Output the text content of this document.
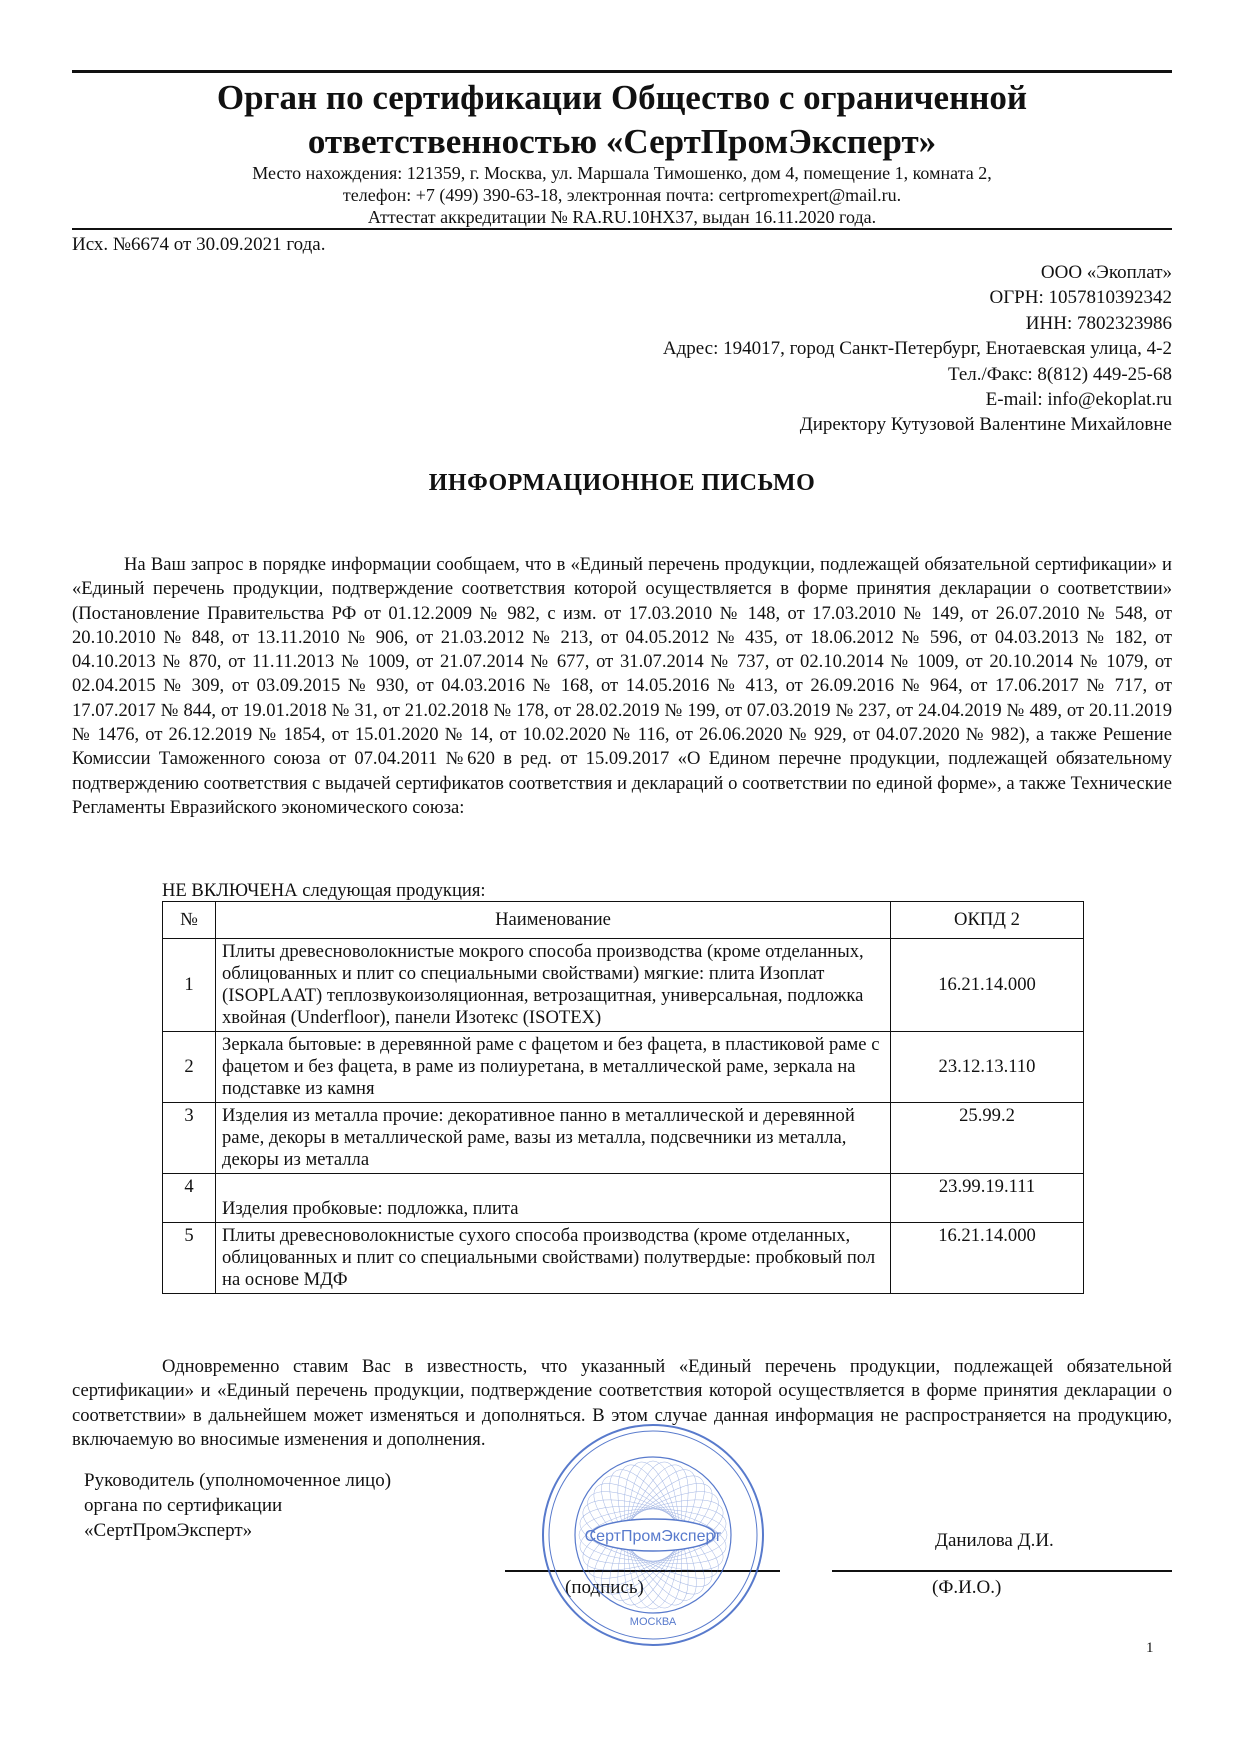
Орган по сертификации Общество с ограниченной
ответственностью «СертПромЭксперт»
Место нахождения: 121359, г. Москва, ул. Маршала Тимошенко, дом 4, помещение 1, комната 2,
телефон: +7 (499) 390-63-18, электронная почта: certpromexpert@mail.ru.
Аттестат аккредитации № RA.RU.10НХ37, выдан 16.11.2020 года.
Исх. №6674 от 30.09.2021 года.
ООО «Экоплат»
ОГРН: 1057810392342
ИНН: 7802323986
Адрес: 194017, город Санкт-Петербург, Енотаевская улица, 4-2
Тел./Факс: 8(812) 449-25-68
E-mail: info@ekoplat.ru
Директору Кутузовой Валентине Михайловне
ИНФОРМАЦИОННОЕ ПИСЬМО
На Ваш запрос в порядке информации сообщаем, что в «Единый перечень продукции, подлежащей обязательной сертификации» и «Единый перечень продукции, подтверждение соответствия которой осуществляется в форме принятия декларации о соответствии» (Постановление Правительства РФ от 01.12.2009 № 982, с изм. от 17.03.2010 № 148, от 17.03.2010 № 149, от 26.07.2010 № 548, от 20.10.2010 № 848, от 13.11.2010 № 906, от 21.03.2012 № 213, от 04.05.2012 № 435, от 18.06.2012 № 596, от 04.03.2013 № 182, от 04.10.2013 № 870, от 11.11.2013 № 1009, от 21.07.2014 № 677, от 31.07.2014 № 737, от 02.10.2014 № 1009, от 20.10.2014 № 1079, от 02.04.2015 № 309, от 03.09.2015 № 930, от 04.03.2016 № 168, от 14.05.2016 № 413, от 26.09.2016 № 964, от 17.06.2017 № 717, от 17.07.2017 № 844, от 19.01.2018 № 31, от 21.02.2018 № 178, от 28.02.2019 № 199, от 07.03.2019 № 237, от 24.04.2019 № 489, от 20.11.2019 № 1476, от 26.12.2019 № 1854, от 15.01.2020 № 14, от 10.02.2020 № 116, от 26.06.2020 № 929, от 04.07.2020 № 982), а также Решение Комиссии Таможенного союза от 07.04.2011 №620 в ред. от 15.09.2017 «О Едином перечне продукции, подлежащей обязательному подтверждению соответствия с выдачей сертификатов соответствия и деклараций о соответствии по единой форме», а также Технические Регламенты Евразийского экономического союза:
НЕ ВКЛЮЧЕНА следующая продукция:
№	Наименование	ОКПД 2
1	Плиты древесноволокнистые мокрого способа производства (кроме отделанных, облицованных и плит со специальными свойствами) мягкие: плита Изоплат (ISOPLAAT) теплозвукоизоляционная, ветрозащитная, универсальная, подложка хвойная (Underfloor), панели Изотекс (ISOTEX)	16.21.14.000
2	Зеркала бытовые: в деревянной раме с фацетом и без фацета, в пластиковой раме с фацетом и без фацета, в раме из полиуретана, в металлической раме, зеркала на подставке из камня	23.12.13.110
3	Изделия из металла прочие: декоративное панно в металлической и деревянной раме, декоры в металлической раме, вазы из металла, подсвечники из металла, декоры из металла	25.99.2
4	Изделия пробковые: подложка, плита	23.99.19.111
5	Плиты древесноволокнистые сухого способа производства (кроме отделанных, облицованных и плит со специальными свойствами) полутвердые: пробковый пол на основе МДФ	16.21.14.000
Одновременно ставим Вас в известность, что указанный «Единый перечень продукции, подлежащей обязательной сертификации» и «Единый перечень продукции, подтверждение соответствия которой осуществляется в форме принятия декларации о соответствии» в дальнейшем может изменяться и дополняться. В этом случае данная информация не распространяется на продукцию, включаемую во вносимые изменения и дополнения.
Руководитель (уполномоченное лицо)
органа по сертификации
«СертПромЭксперт»	Данилова Д.И.
(подпись)	(Ф.И.О.)
СертПромЭксперт
МОСКВА
1
